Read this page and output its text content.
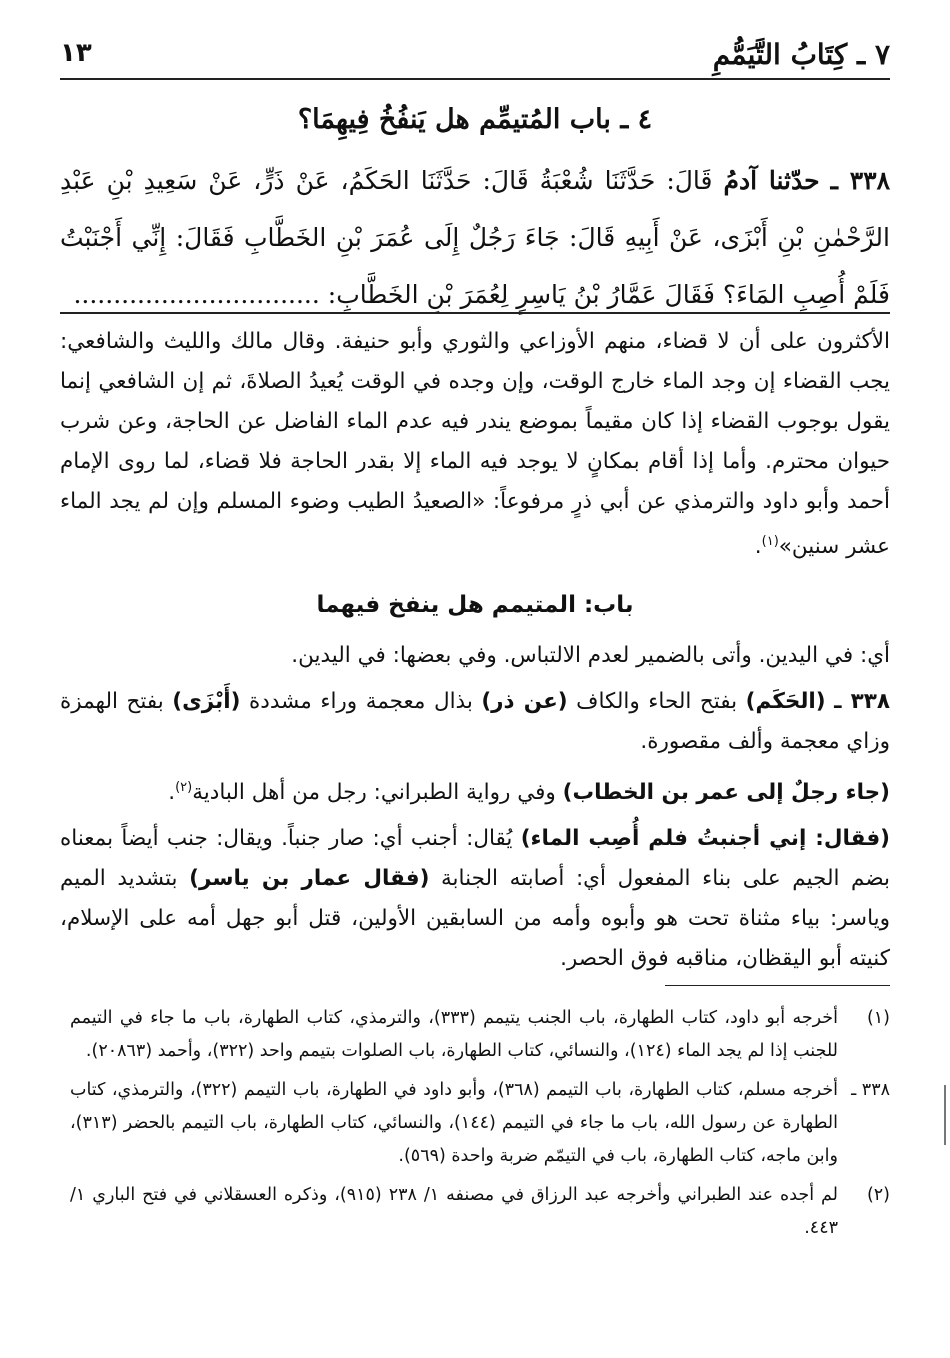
٧ ـ كِتَابُ التَّيَمُّمِ
١٣
٤ ـ باب المُتيمِّم هل يَنفُخُ فِيهِمَا؟
٣٣٨ ـ حدّثنا آدمُ قَالَ: حَدَّثَنَا شُعْبَةُ قَالَ: حَدَّثَنَا الحَكَمُ، عَنْ ذَرٍّ، عَنْ سَعِيدِ بْنِ عَبْدِ الرَّحْمٰنِ بْنِ أَبْزَى، عَنْ أَبِيهِ قَالَ: جَاءَ رَجُلٌ إِلَى عُمَرَ بْنِ الخَطَّابِ فَقَالَ: إِنِّي أَجْنَبْتُ فَلَمْ أُصِبِ المَاءَ؟ فَقَالَ عَمَّارُ بْنُ يَاسِرٍ لِعُمَرَ بْنِ الخَطَّابِ: ...............................

الأكثرون على أن لا قضاء، منهم الأوزاعي والثوري وأبو حنيفة. وقال مالك والليث والشافعي: يجب القضاء إن وجد الماء خارج الوقت، وإن وجده في الوقت يُعيدُ الصلاةَ، ثم إن الشافعي إنما يقول بوجوب القضاء إذا كان مقيماً بموضع يندر فيه عدم الماء الفاضل عن الحاجة، وعن شرب حيوان محترم. وأما إذا أقام بمكانٍ لا يوجد فيه الماء إلا بقدر الحاجة فلا قضاء، لما روى الإمام أحمد وأبو داود والترمذي عن أبي ذرٍ مرفوعاً: «الصعيدُ الطيب وضوء المسلم وإن لم يجد الماء عشر سنين»$^{(١)}$.

باب: المتيمم هل ينفخ فيهما

أي: في اليدين. وأتى بالضمير لعدم الالتباس. وفي بعضها: في اليدين.

٣٣٨ ـ (الحَكَم) بفتح الحاء والكاف (عن ذر) بذال معجمة وراء مشددة (أَبْزَى) بفتح الهمزة وزاي معجمة وألف مقصورة.

(جاء رجلٌ إلى عمر بن الخطاب) وفي رواية الطبراني: رجل من أهل البادية$^{(٢)}$.

(فقال: إني أجنبتُ فلم أُصِب الماء) يُقال: أجنب أي: صار جنباً. ويقال: جنب أيضاً بمعناه بضم الجيم على بناء المفعول أي: أصابته الجنابة (فقال عمار بن ياسر) بتشديد الميم وياسر: بياء مثناة تحت هو وأبوه وأمه من السابقين الأولين، قتل أبو جهل أمه على الإسلام، كنيته أبو اليقظان، مناقبه فوق الحصر.

(١)
أخرجه أبو داود، كتاب الطهارة، باب الجنب يتيمم (٣٣٣)، والترمذي، كتاب الطهارة، باب ما جاء في التيمم للجنب إذا لم يجد الماء (١٢٤)، والنسائي، كتاب الطهارة، باب الصلوات بتيمم واحد (٣٢٢)، وأحمد (٢٠٨٦٣).
٣٣٨ ـ
أخرجه مسلم، كتاب الطهارة، باب التيمم (٣٦٨)، وأبو داود في الطهارة، باب التيمم (٣٢٢)، والترمذي، كتاب الطهارة عن رسول الله، باب ما جاء في التيمم (١٤٤)، والنسائي، كتاب الطهارة، باب التيمم بالحضر (٣١٣)، وابن ماجه، كتاب الطهارة، باب في التيمّم ضربة واحدة (٥٦٩).
(٢)
لم أجده عند الطبراني وأخرجه عبد الرزاق في مصنفه ١/ ٢٣٨ (٩١٥)، وذكره العسقلاني في فتح الباري ١/ ٤٤٣.
